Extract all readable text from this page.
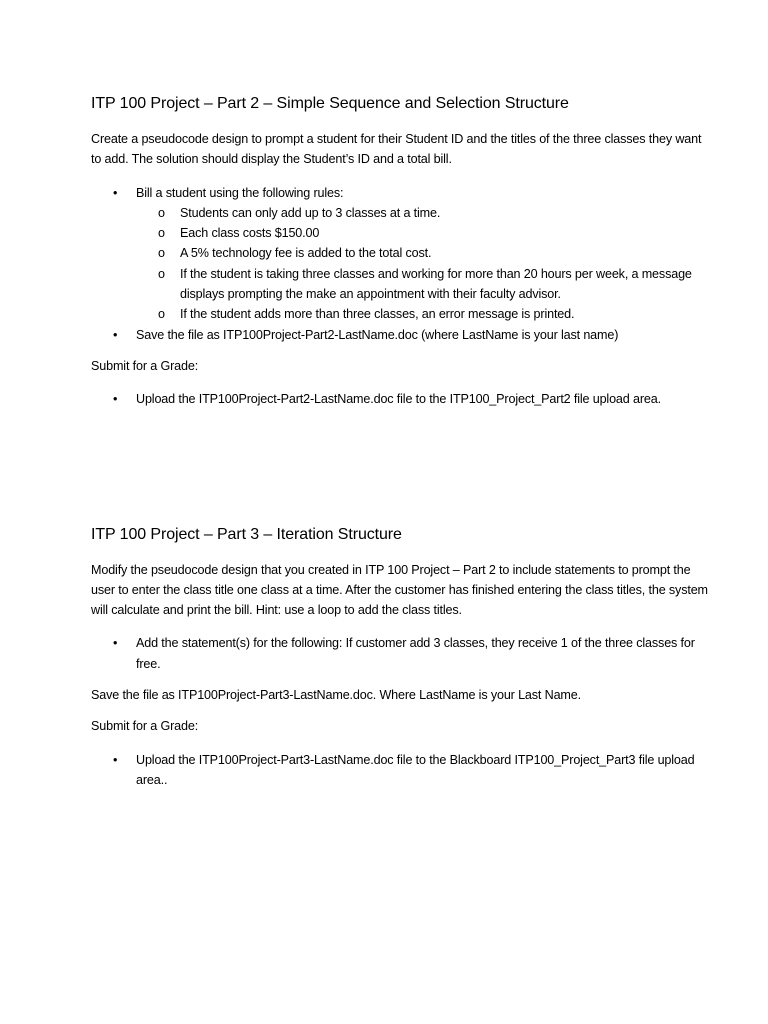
ITP 100 Project – Part 2 – Simple Sequence and Selection Structure

Create a pseudocode design to prompt a student for their Student ID and the titles of the three classes they want to add. The solution should display the Student’s ID and a total bill.

• Bill a student using the following rules:
o Students can only add up to 3 classes at a time.
o Each class costs $150.00
o A 5% technology fee is added to the total cost.
o If the student is taking three classes and working for more than 20 hours per week, a message displays prompting the make an appointment with their faculty advisor.
o If the student adds more than three classes, an error message is printed.
• Save the file as ITP100Project-Part2-LastName.doc (where LastName is your last name)

Submit for a Grade:

• Upload the ITP100Project-Part2-LastName.doc file to the ITP100_Project_Part2 file upload area.
ITP 100 Project – Part 3 – Iteration Structure

Modify the pseudocode design that you created in ITP 100 Project – Part 2 to include statements to prompt the user to enter the class title one class at a time. After the customer has finished entering the class titles, the system will calculate and print the bill. Hint: use a loop to add the class titles.

• Add the statement(s) for the following: If customer add 3 classes, they receive 1 of the three classes for free.

Save the file as ITP100Project-Part3-LastName.doc. Where LastName is your Last Name.

Submit for a Grade:

• Upload the ITP100Project-Part3-LastName.doc file to the Blackboard ITP100_Project_Part3 file upload area..
